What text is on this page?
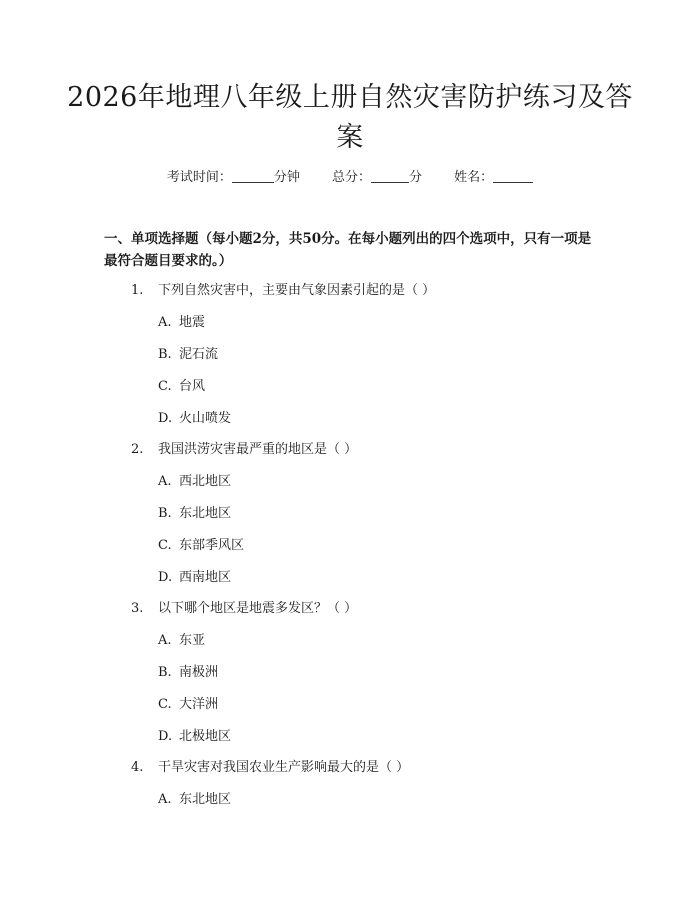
2026年地理八年级上册自然灾害防护练习及答案
考试时间：	分钟 总分：	分 姓名：
一、单项选择题（每小题2分，共50分。在每小题列出的四个选项中，只有一项是最符合题目要求的。）
1. 下列自然灾害中，主要由气象因素引起的是（ ）
A. 地震
B. 泥石流
C. 台风
D. 火山喷发
2. 我国洪涝灾害最严重的地区是（ ）
A. 西北地区
B. 东北地区
C. 东部季风区
D. 西南地区
3. 以下哪个地区是地震多发区？（ ）
A. 东亚
B. 南极洲
C. 大洋洲
D. 北极地区
4. 干旱灾害对我国农业生产影响最大的是（ ）
A. 东北地区
